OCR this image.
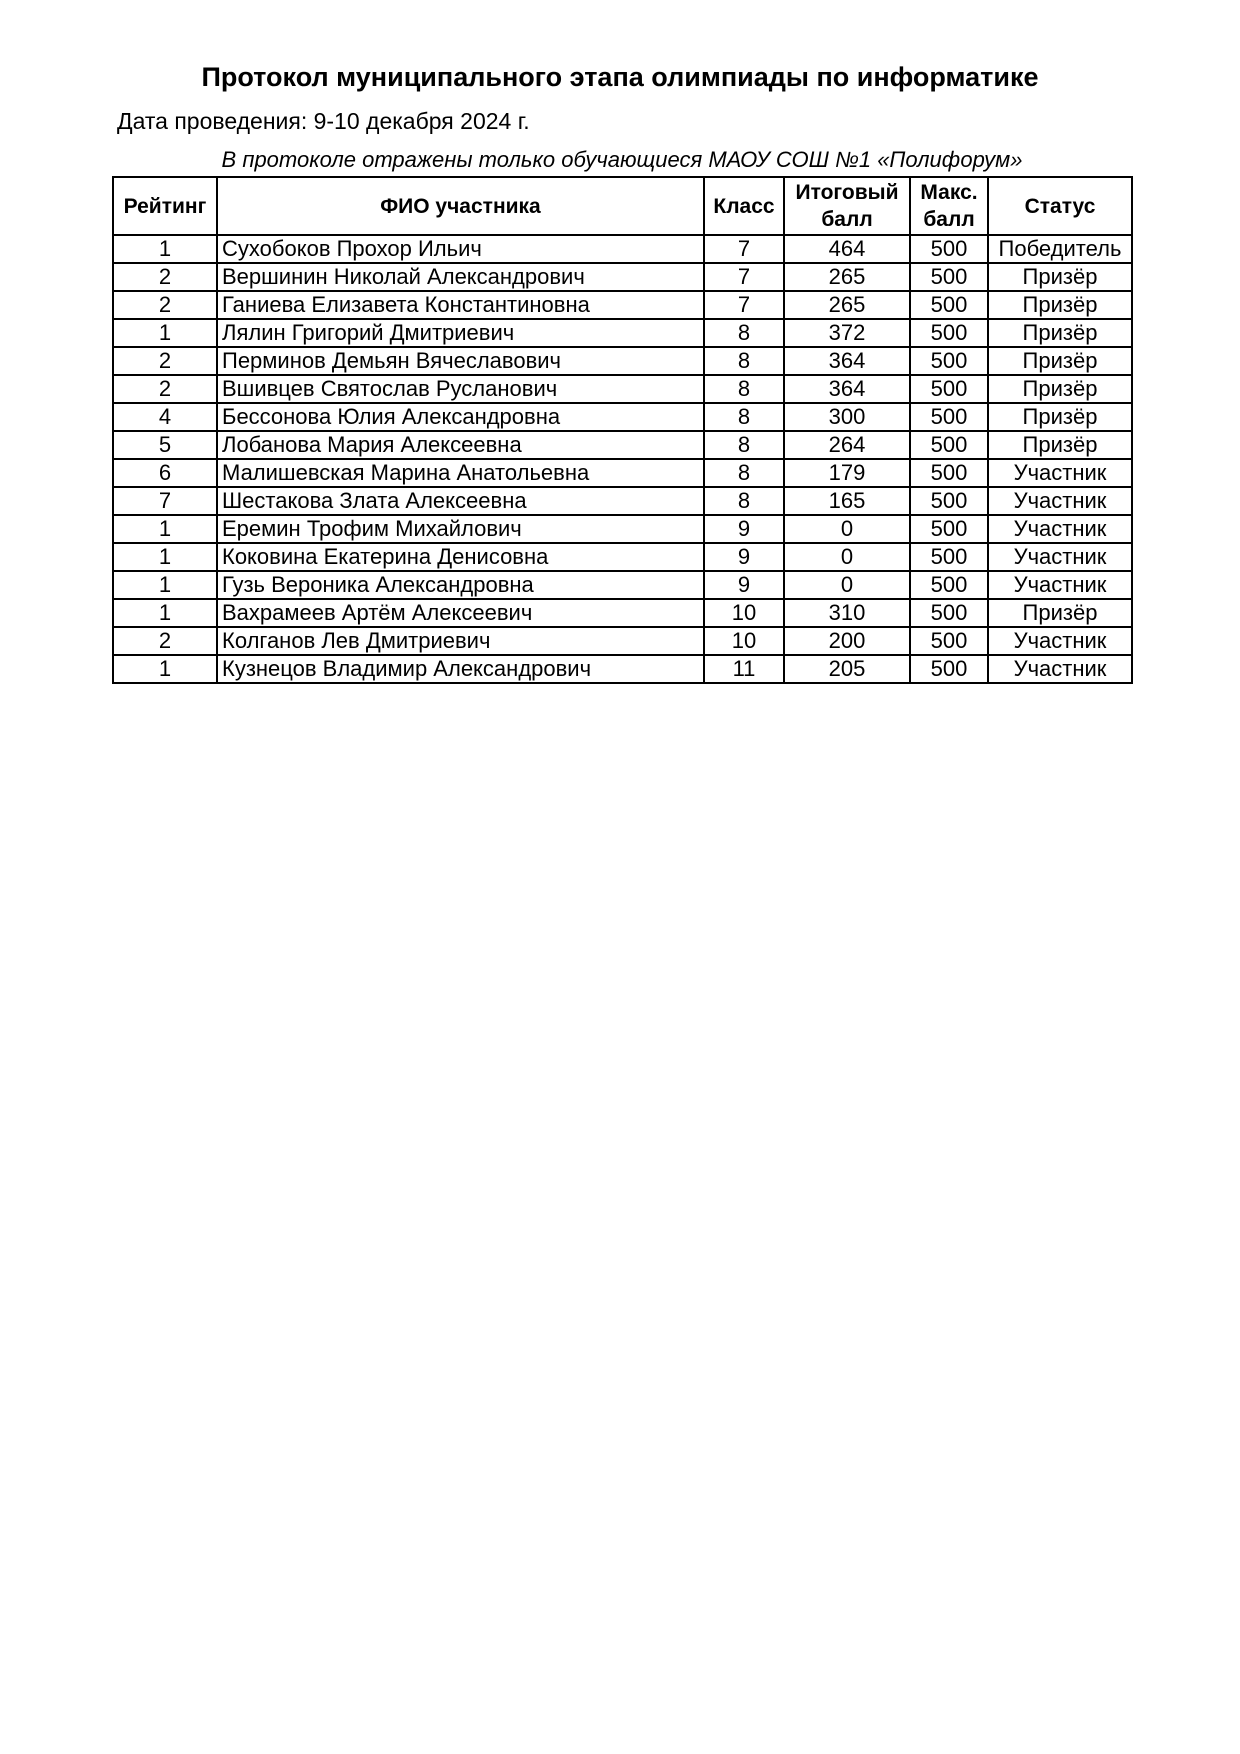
Протокол муниципального этапа олимпиады по информатике

Дата проведения: 9-10 декабря 2024 г.

В протоколе отражены только обучающиеся МАОУ СОШ №1 «Полифорум»

Рейтинг	ФИО участника	Класс	Итоговый балл	Макс. балл	Статус
1	Сухобоков Прохор Ильич	7	464	500	Победитель
2	Вершинин Николай Александрович	7	265	500	Призёр
2	Ганиева Елизавета Константиновна	7	265	500	Призёр
1	Лялин Григорий Дмитриевич	8	372	500	Призёр
2	Перминов Демьян Вячеславович	8	364	500	Призёр
2	Вшивцев Святослав Русланович	8	364	500	Призёр
4	Бессонова Юлия Александровна	8	300	500	Призёр
5	Лобанова Мария Алексеевна	8	264	500	Призёр
6	Малишевская Марина Анатольевна	8	179	500	Участник
7	Шестакова Злата Алексеевна	8	165	500	Участник
1	Еремин Трофим Михайлович	9	0	500	Участник
1	Коковина Екатерина Денисовна	9	0	500	Участник
1	Гузь Вероника Александровна	9	0	500	Участник
1	Вахрамеев Артём Алексеевич	10	310	500	Призёр
2	Колганов Лев Дмитриевич	10	200	500	Участник
1	Кузнецов Владимир Александрович	11	205	500	Участник
